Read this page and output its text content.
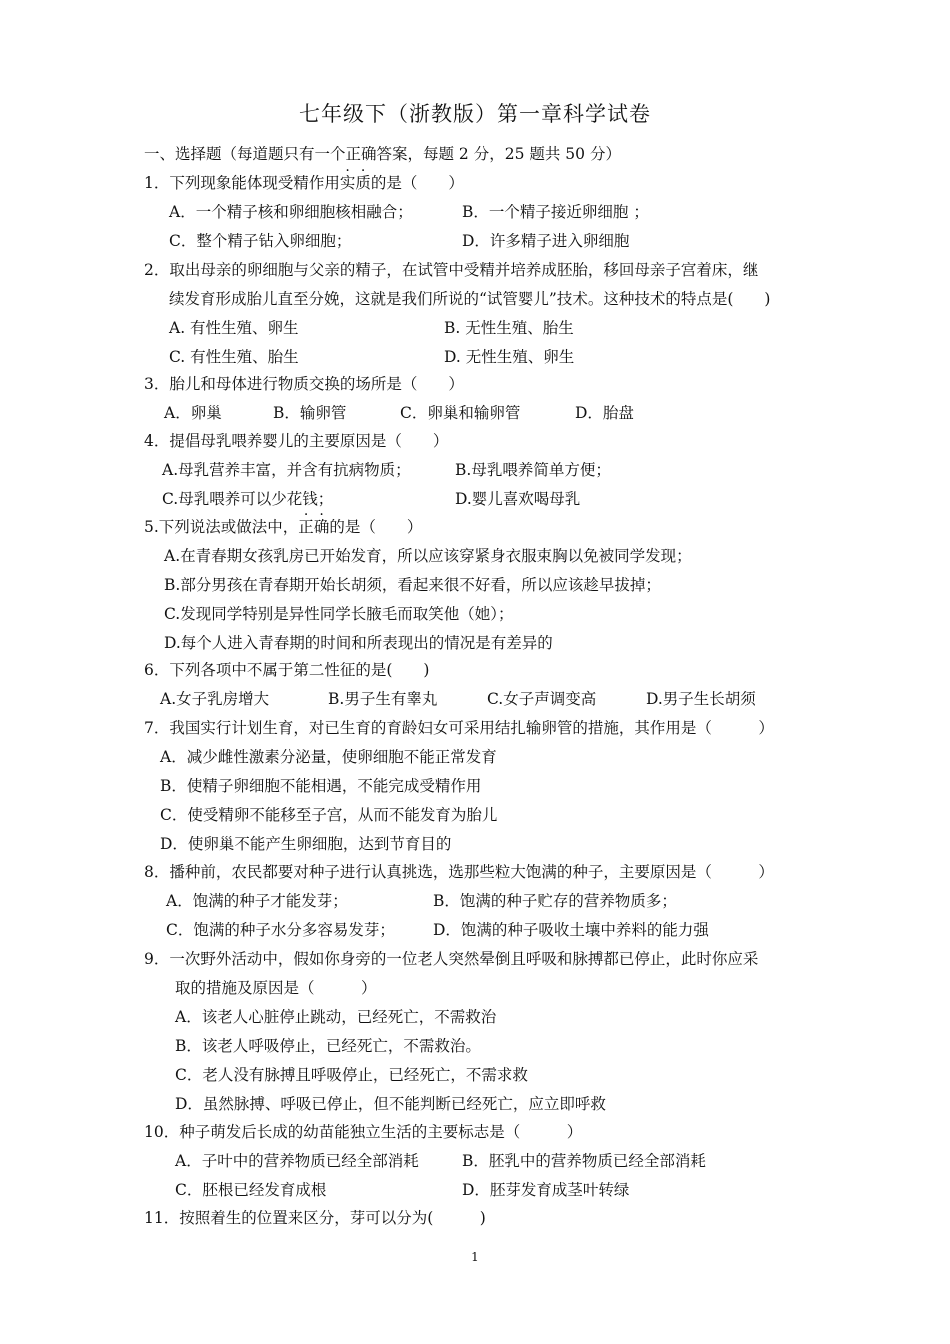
七年级下（浙教版）第一章科学试卷
一、选择题（每道题只有一个正确答案，每题 2 分，25 题共 50 分）
1．下列现象能体现受精作用实质的是（　　）
A．一个精子核和卵细胞核相融合；	B．一个精子接近卵细胞 ；
C．整个精子钻入卵细胞；	D．许多精子进入卵细胞
2．取出母亲的卵细胞与父亲的精子，在试管中受精并培养成胚胎，移回母亲子宫着床，继
续发育形成胎儿直至分娩，这就是我们所说的“试管婴儿”技术。这种技术的特点是(　　)
A. 有性生殖、卵生	B. 无性生殖、胎生
C. 有性生殖、胎生	D. 无性生殖、卵生
3．胎儿和母体进行物质交换的场所是（　　）
A．卵巢	B．输卵管	C．卵巢和输卵管	D．胎盘
4．提倡母乳喂养婴儿的主要原因是（　　）
A.母乳营养丰富，并含有抗病物质；	B.母乳喂养简单方便；
C.母乳喂养可以少花钱；	D.婴儿喜欢喝母乳
5.下列说法或做法中，正确的是（　　）
A.在青春期女孩乳房已开始发育，所以应该穿紧身衣服束胸以免被同学发现；
B.部分男孩在青春期开始长胡须，看起来很不好看，所以应该趁早拔掉；
C.发现同学特别是异性同学长腋毛而取笑他（她）；
D.每个人进入青春期的时间和所表现出的情况是有差异的
6．下列各项中不属于第二性征的是(　　)
A.女子乳房增大	B.男子生有睾丸	C.女子声调变高	D.男子生长胡须
7．我国实行计划生育，对已生育的育龄妇女可采用结扎输卵管的措施，其作用是（　　　）
A．减少雌性激素分泌量，使卵细胞不能正常发育
B．使精子卵细胞不能相遇，不能完成受精作用
C．使受精卵不能移至子宫，从而不能发育为胎儿
D．使卵巢不能产生卵细胞，达到节育目的
8．播种前，农民都要对种子进行认真挑选，选那些粒大饱满的种子，主要原因是（　　　）
A．饱满的种子才能发芽；	B．饱满的种子贮存的营养物质多；
C．饱满的种子水分多容易发芽； D．饱满的种子吸收土壤中养料的能力强
9．一次野外活动中，假如你身旁的一位老人突然晕倒且呼吸和脉搏都已停止，此时你应采
取的措施及原因是（　　　）
A．该老人心脏停止跳动，已经死亡，不需救治
B．该老人呼吸停止，已经死亡，不需救治。
C．老人没有脉搏且呼吸停止，已经死亡，不需求救
D．虽然脉搏、呼吸已停止，但不能判断已经死亡，应立即呼救
10．种子萌发后长成的幼苗能独立生活的主要标志是（　　　）
A．子叶中的营养物质已经全部消耗	B．胚乳中的营养物质已经全部消耗
C．胚根已经发育成根	D．胚芽发育成茎叶转绿
11．按照着生的位置来区分，芽可以分为(　　　)
1
